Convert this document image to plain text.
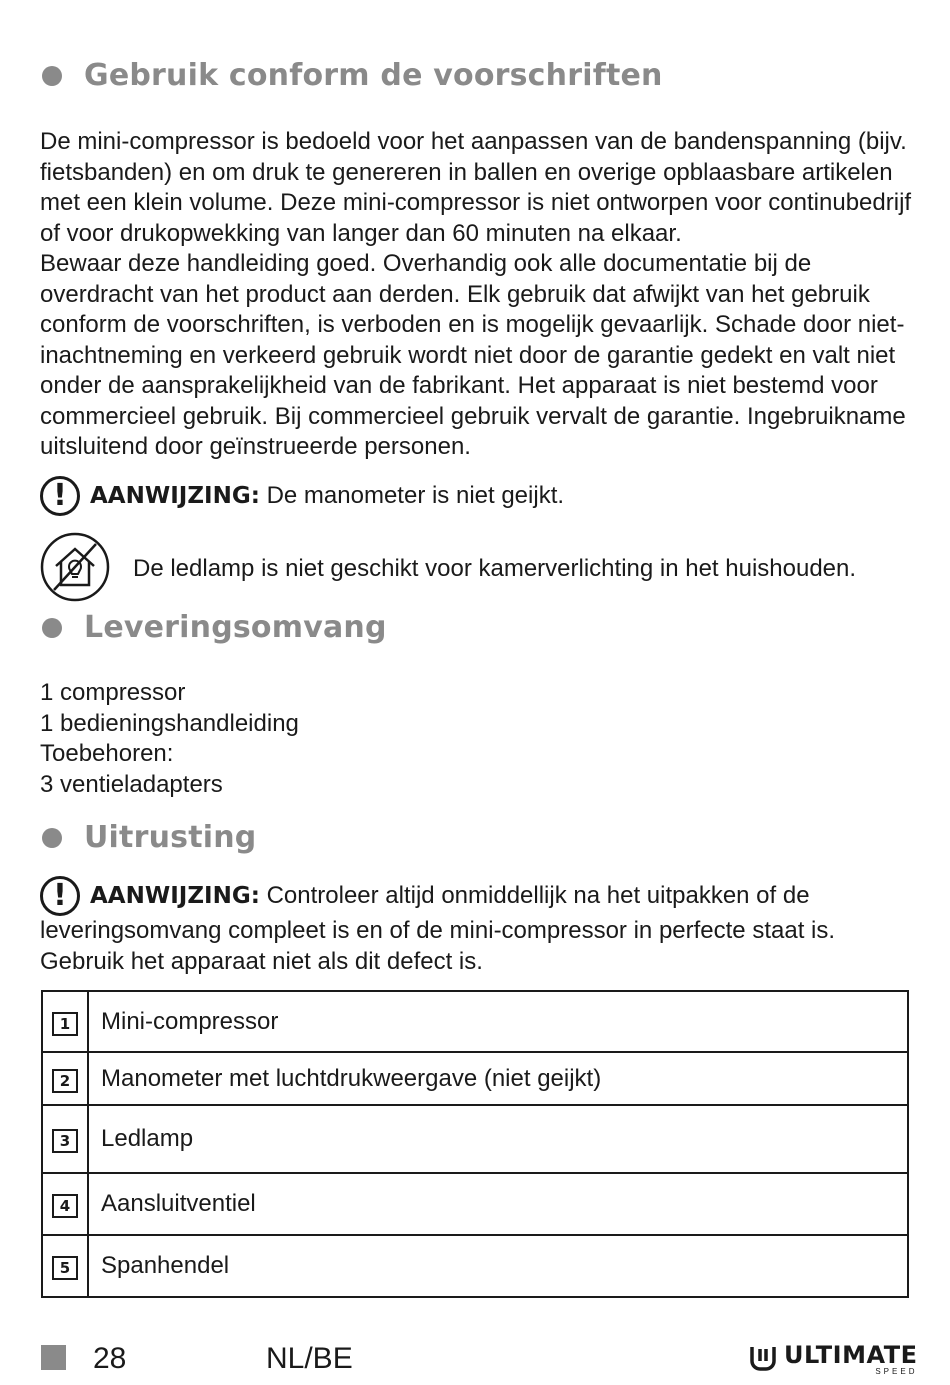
Gebruik conform de voorschriften

De mini-compressor is bedoeld voor het aanpassen van de bandenspanning (bijv. fietsbanden) en om druk te genereren in ballen en overige opblaasbare artikelen met een klein volume. Deze mini-compressor is niet ontworpen voor continubedrijf of voor drukopwekking van langer dan 60 minuten na elkaar.

Bewaar deze handleiding goed. Overhandig ook alle documentatie bij de overdracht van het product aan derden. Elk gebruik dat afwijkt van het gebruik conform de voorschriften, is verboden en is mogelijk gevaarlijk. Schade door niet-inachtneming en verkeerd gebruik wordt niet door de garantie gedekt en valt niet onder de aansprakelijkheid van de fabrikant. Het apparaat is niet bestemd voor commercieel gebruik. Bij commercieel gebruik vervalt de garantie. Ingebruikname uitsluitend door geïnstrueerde personen.

! AANWIJZING: De manometer is niet geijkt.
De ledlamp is niet geschikt voor kamerverlichting in het huishouden.
Leveringsomvang
1 compressor
1 bedieningshandleiding
Toebehoren:
3 ventieladapters
Uitrusting
! AANWIJZING: Controleer altijd onmiddellijk na het uitpakken of de leveringsomvang compleet is en of de mini-compressor in perfecte staat is. Gebruik het apparaat niet als dit defect is.
1	Mini-compressor
2	Manometer met luchtdrukweergave (niet geijkt)
3	Ledlamp
4	Aansluitventiel
5	Spanhendel
28	NL/BE	ULTIMATE
SPEED
